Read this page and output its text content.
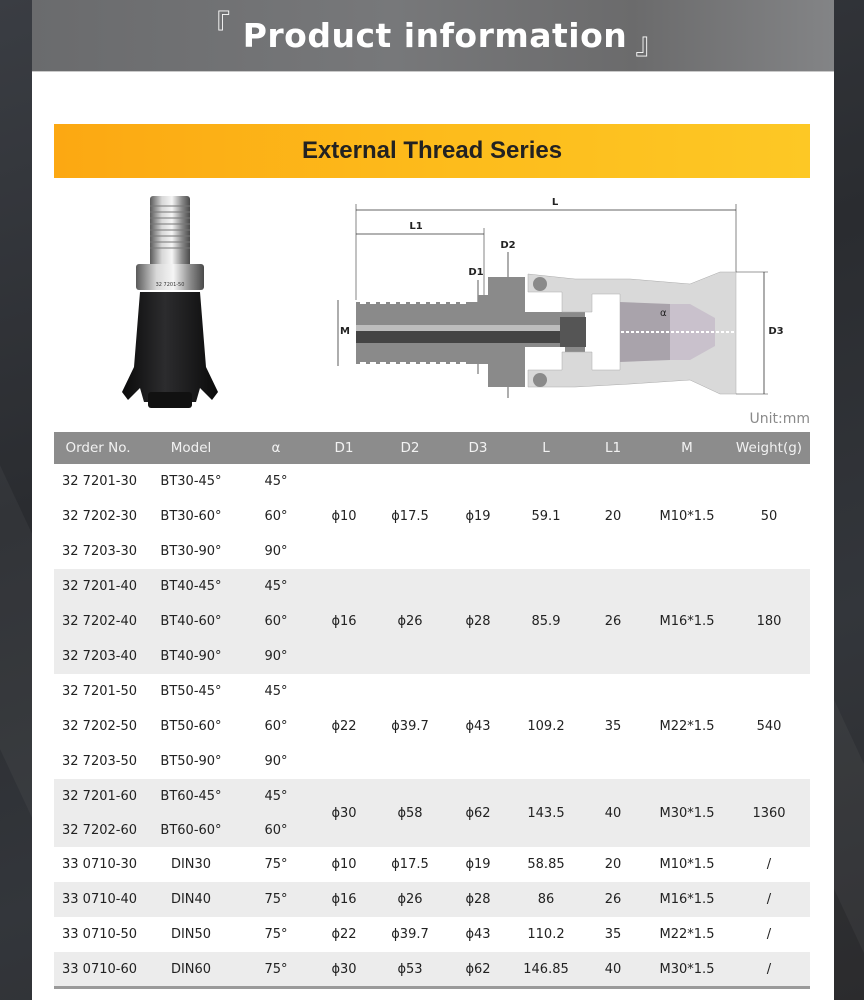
『 Product information 』
External Thread Series
32 7201-50
L
L1
D2
D1
α
M	D3
Unit:mm
Order No.	Model	α	D1	D2	D3	L	L1	M	Weight(g)
32 7201-30	BT30-45°	45°	ϕ10	ϕ17.5	ϕ19	59.1	20	M10*1.5	50
32 7202-30	BT30-60°	60°							
32 7203-30	BT30-90°	90°							
32 7201-40	BT40-45°	45°	ϕ16	ϕ26	ϕ28	85.9	26	M16*1.5	180
32 7202-40	BT40-60°	60°							
32 7203-40	BT40-90°	90°							
32 7201-50	BT50-45°	45°	ϕ22	ϕ39.7	ϕ43	109.2	35	M22*1.5	540
32 7202-50	BT50-60°	60°							
32 7203-50	BT50-90°	90°							
32 7201-60	BT60-45°	45°	ϕ30	ϕ58	ϕ62	143.5	40	M30*1.5	1360
32 7202-60	BT60-60°	60°							
33 0710-30	DIN30	75°	ϕ10	ϕ17.5	ϕ19	58.85	20	M10*1.5	/
33 0710-40	DIN40	75°	ϕ16	ϕ26	ϕ28	86	26	M16*1.5	/
33 0710-50	DIN50	75°	ϕ22	ϕ39.7	ϕ43	110.2	35	M22*1.5	/
33 0710-60	DIN60	75°	ϕ30	ϕ53	ϕ62	146.85	40	M30*1.5	/
